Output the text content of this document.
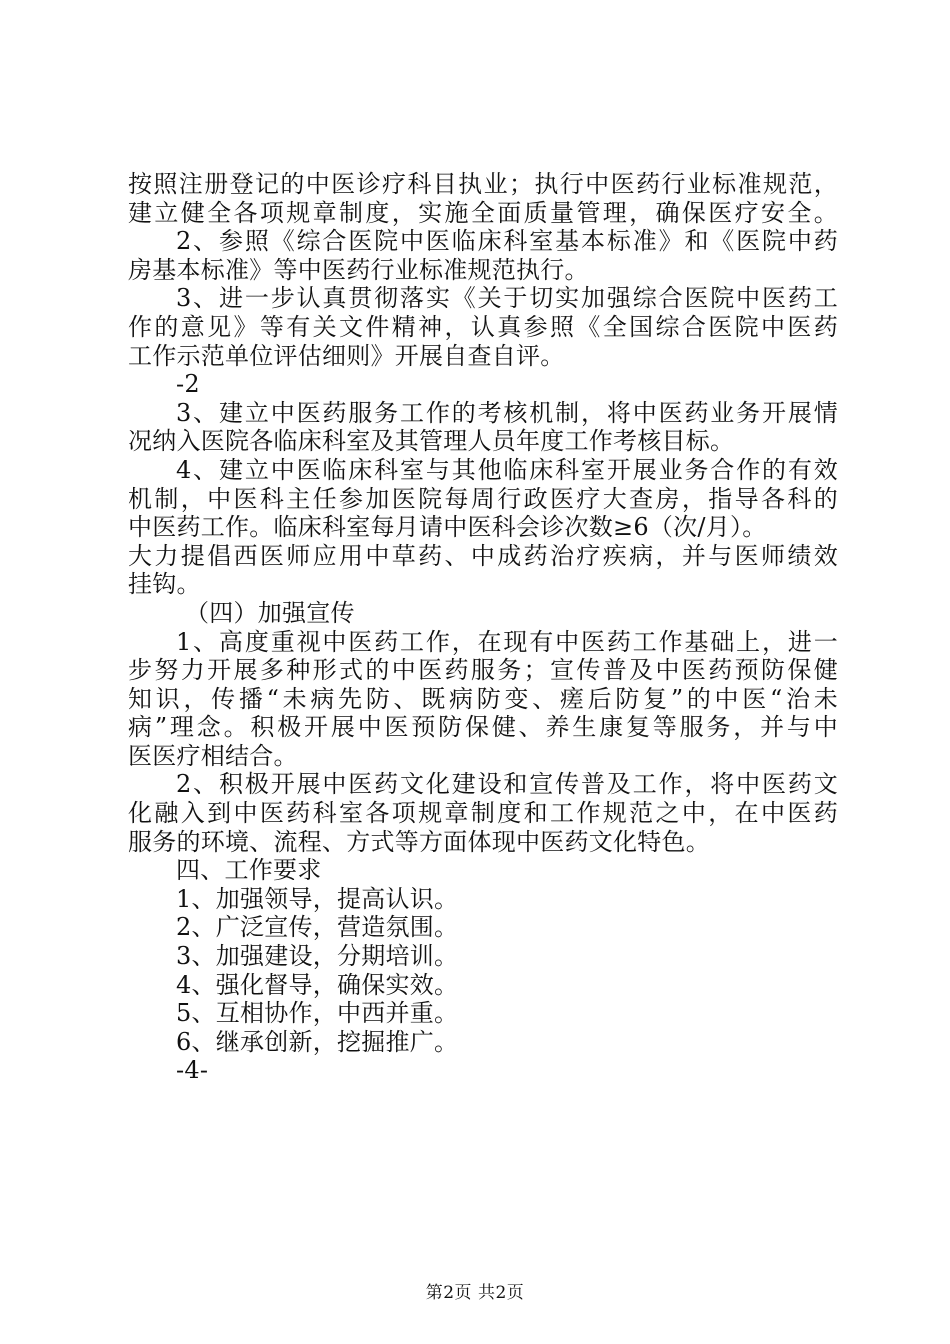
按照注册登记的中医诊疗科目执业；执行中医药行业标准规范，
建立健全各项规章制度，实施全面质量管理，确保医疗安全。
2、参照《综合医院中医临床科室基本标准》和《医院中药
房基本标准》等中医药行业标准规范执行。
3、进一步认真贯彻落实《关于切实加强综合医院中医药工
作的意见》等有关文件精神，认真参照《全国综合医院中医药
工作示范单位评估细则》开展自查自评。
-2
3、建立中医药服务工作的考核机制，将中医药业务开展情
况纳入医院各临床科室及其管理人员年度工作考核目标。
4、建立中医临床科室与其他临床科室开展业务合作的有效
机制，中医科主任参加医院每周行政医疗大查房，指导各科的
中医药工作。临床科室每月请中医科会诊次数≥6（次/月）。
大力提倡西医师应用中草药、中成药治疗疾病，并与医师绩效
挂钩。
（四）加强宣传
1、高度重视中医药工作，在现有中医药工作基础上，进一
步努力开展多种形式的中医药服务；宣传普及中医药预防保健
知识，传播“未病先防、既病防变、瘥后防复”的中医“治未
病”理念。积极开展中医预防保健、养生康复等服务，并与中
医医疗相结合。
2、积极开展中医药文化建设和宣传普及工作，将中医药文
化融入到中医药科室各项规章制度和工作规范之中，在中医药
服务的环境、流程、方式等方面体现中医药文化特色。
四、工作要求
1、加强领导，提高认识。
2、广泛宣传，营造氛围。
3、加强建设，分期培训。
4、强化督导，确保实效。
5、互相协作，中西并重。
6、继承创新，挖掘推广。
-4-
第2页 共2页
